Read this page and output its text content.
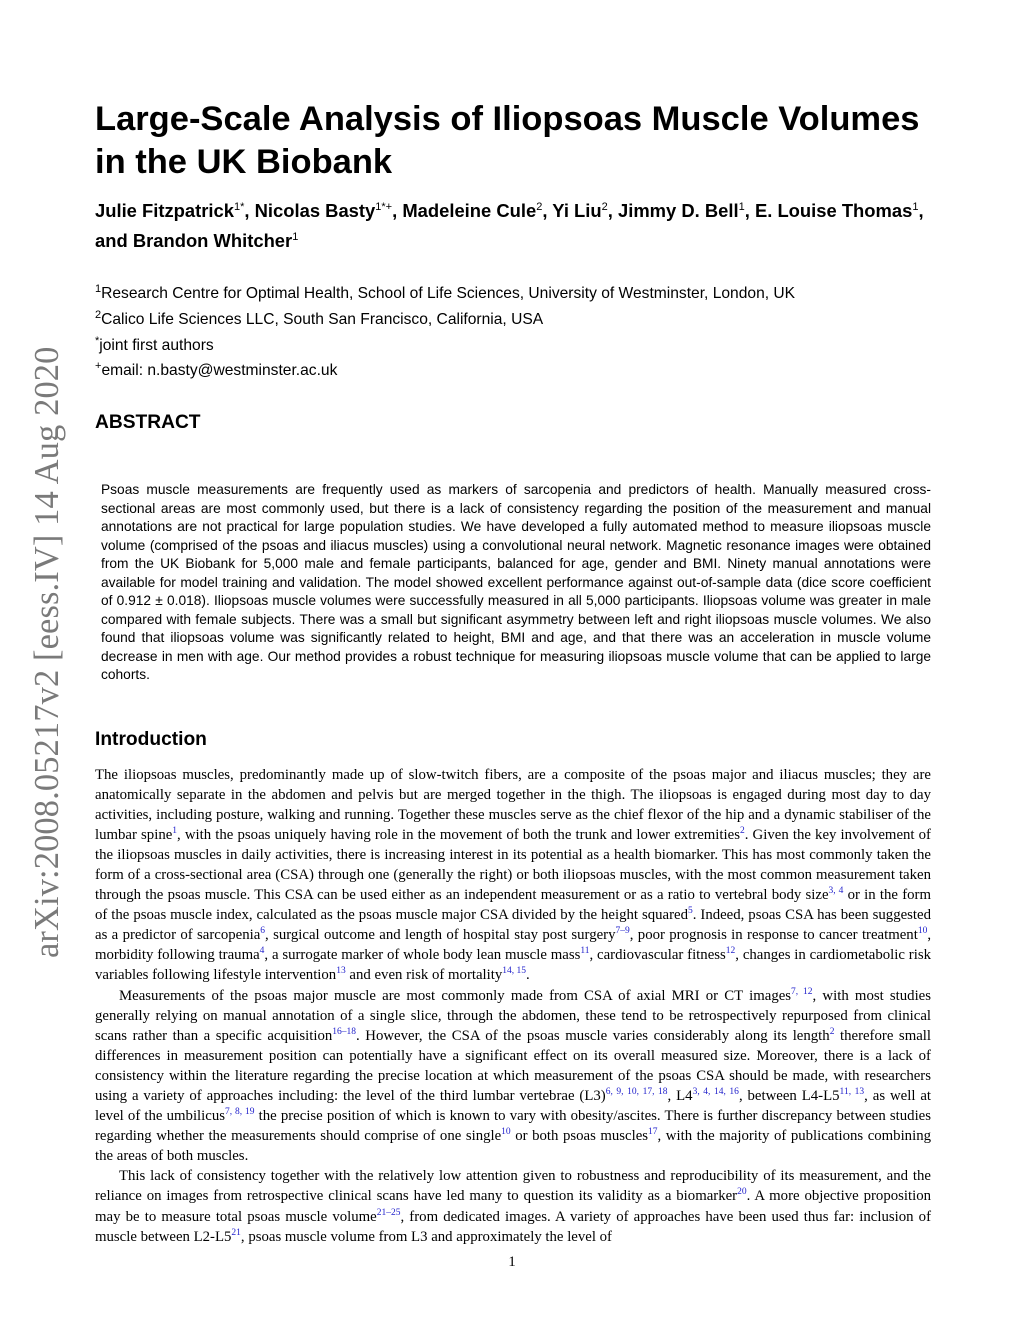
arXiv:2008.05217v2 [eess.IV] 14 Aug 2020
Large-Scale Analysis of Iliopsoas Muscle Volumes in the UK Biobank
Julie Fitzpatrick$^{1*}$, Nicolas Basty$^{1*+}$, Madeleine Cule$^2$, Yi Liu$^2$, Jimmy D. Bell$^1$, E. Louise Thomas$^1$, and Brandon Whitcher$^1$
$^1$Research Centre for Optimal Health, School of Life Sciences, University of Westminster, London, UK
$^2$Calico Life Sciences LLC, South San Francisco, California, USA
*joint first authors
+email: n.basty@westminster.ac.uk
ABSTRACT
Psoas muscle measurements are frequently used as markers of sarcopenia and predictors of health. Manually measured cross-sectional areas are most commonly used, but there is a lack of consistency regarding the position of the measurement and manual annotations are not practical for large population studies. We have developed a fully automated method to measure iliopsoas muscle volume (comprised of the psoas and iliacus muscles) using a convolutional neural network. Magnetic resonance images were obtained from the UK Biobank for 5,000 male and female participants, balanced for age, gender and BMI. Ninety manual annotations were available for model training and validation. The model showed excellent performance against out-of-sample data (dice score coefficient of 0.912 ± 0.018). Iliopsoas muscle volumes were successfully measured in all 5,000 participants. Iliopsoas volume was greater in male compared with female subjects. There was a small but significant asymmetry between left and right iliopsoas muscle volumes. We also found that iliopsoas volume was significantly related to height, BMI and age, and that there was an acceleration in muscle volume decrease in men with age. Our method provides a robust technique for measuring iliopsoas muscle volume that can be applied to large cohorts.
Introduction

The iliopsoas muscles, predominantly made up of slow-twitch fibers, are a composite of the psoas major and iliacus muscles; they are anatomically separate in the abdomen and pelvis but are merged together in the thigh. The iliopsoas is engaged during most day to day activities, including posture, walking and running. Together these muscles serve as the chief flexor of the hip and a dynamic stabiliser of the lumbar spine$^1$, with the psoas uniquely having role in the movement of both the trunk and lower extremities$^2$. Given the key involvement of the iliopsoas muscles in daily activities, there is increasing interest in its potential as a health biomarker. This has most commonly taken the form of a cross-sectional area (CSA) through one (generally the right) or both iliopsoas muscles, with the most common measurement taken through the psoas muscle. This CSA can be used either as an independent measurement or as a ratio to vertebral body size$^{3, 4}$ or in the form of the psoas muscle index, calculated as the psoas muscle major CSA divided by the height squared$^5$. Indeed, psoas CSA has been suggested as a predictor of sarcopenia$^6$, surgical outcome and length of hospital stay post surgery$^{7-9}$, poor prognosis in response to cancer treatment$^{10}$, morbidity following trauma$^4$, a surrogate marker of whole body lean muscle mass$^{11}$, cardiovascular fitness$^{12}$, changes in cardiometabolic risk variables following lifestyle intervention$^{13}$ and even risk of mortality$^{14, 15}$.

Measurements of the psoas major muscle are most commonly made from CSA of axial MRI or CT images$^{7, 12}$, with most studies generally relying on manual annotation of a single slice, through the abdomen, these tend to be retrospectively repurposed from clinical scans rather than a specific acquisition$^{16-18}$. However, the CSA of the psoas muscle varies considerably along its length$^2$ therefore small differences in measurement position can potentially have a significant effect on its overall measured size. Moreover, there is a lack of consistency within the literature regarding the precise location at which measurement of the psoas CSA should be made, with researchers using a variety of approaches including: the level of the third lumbar vertebrae $(L3)^{6, 9, 10, 17, 18}$, L4$^{3, 4, 14, 16}$, between L4-L5$^{11, 13}$, as well at level of the umbilicus$^{7, 8, 19}$ the precise position of which is known to vary with obesity/ascites. There is further discrepancy between studies regarding whether the measurements should comprise of one single$^{10}$ or both psoas muscles$^{17}$, with the majority of publications combining the areas of both muscles.

This lack of consistency together with the relatively low attention given to robustness and reproducibility of its measurement, and the reliance on images from retrospective clinical scans have led many to question its validity as a biomarker$^{20}$. A more objective proposition may be to measure total psoas muscle volume$^{21-25}$, from dedicated images. A variety of approaches have been used thus far: inclusion of muscle between $L2-L5^{21}$, psoas muscle volume from L3 and approximately the level of

1
